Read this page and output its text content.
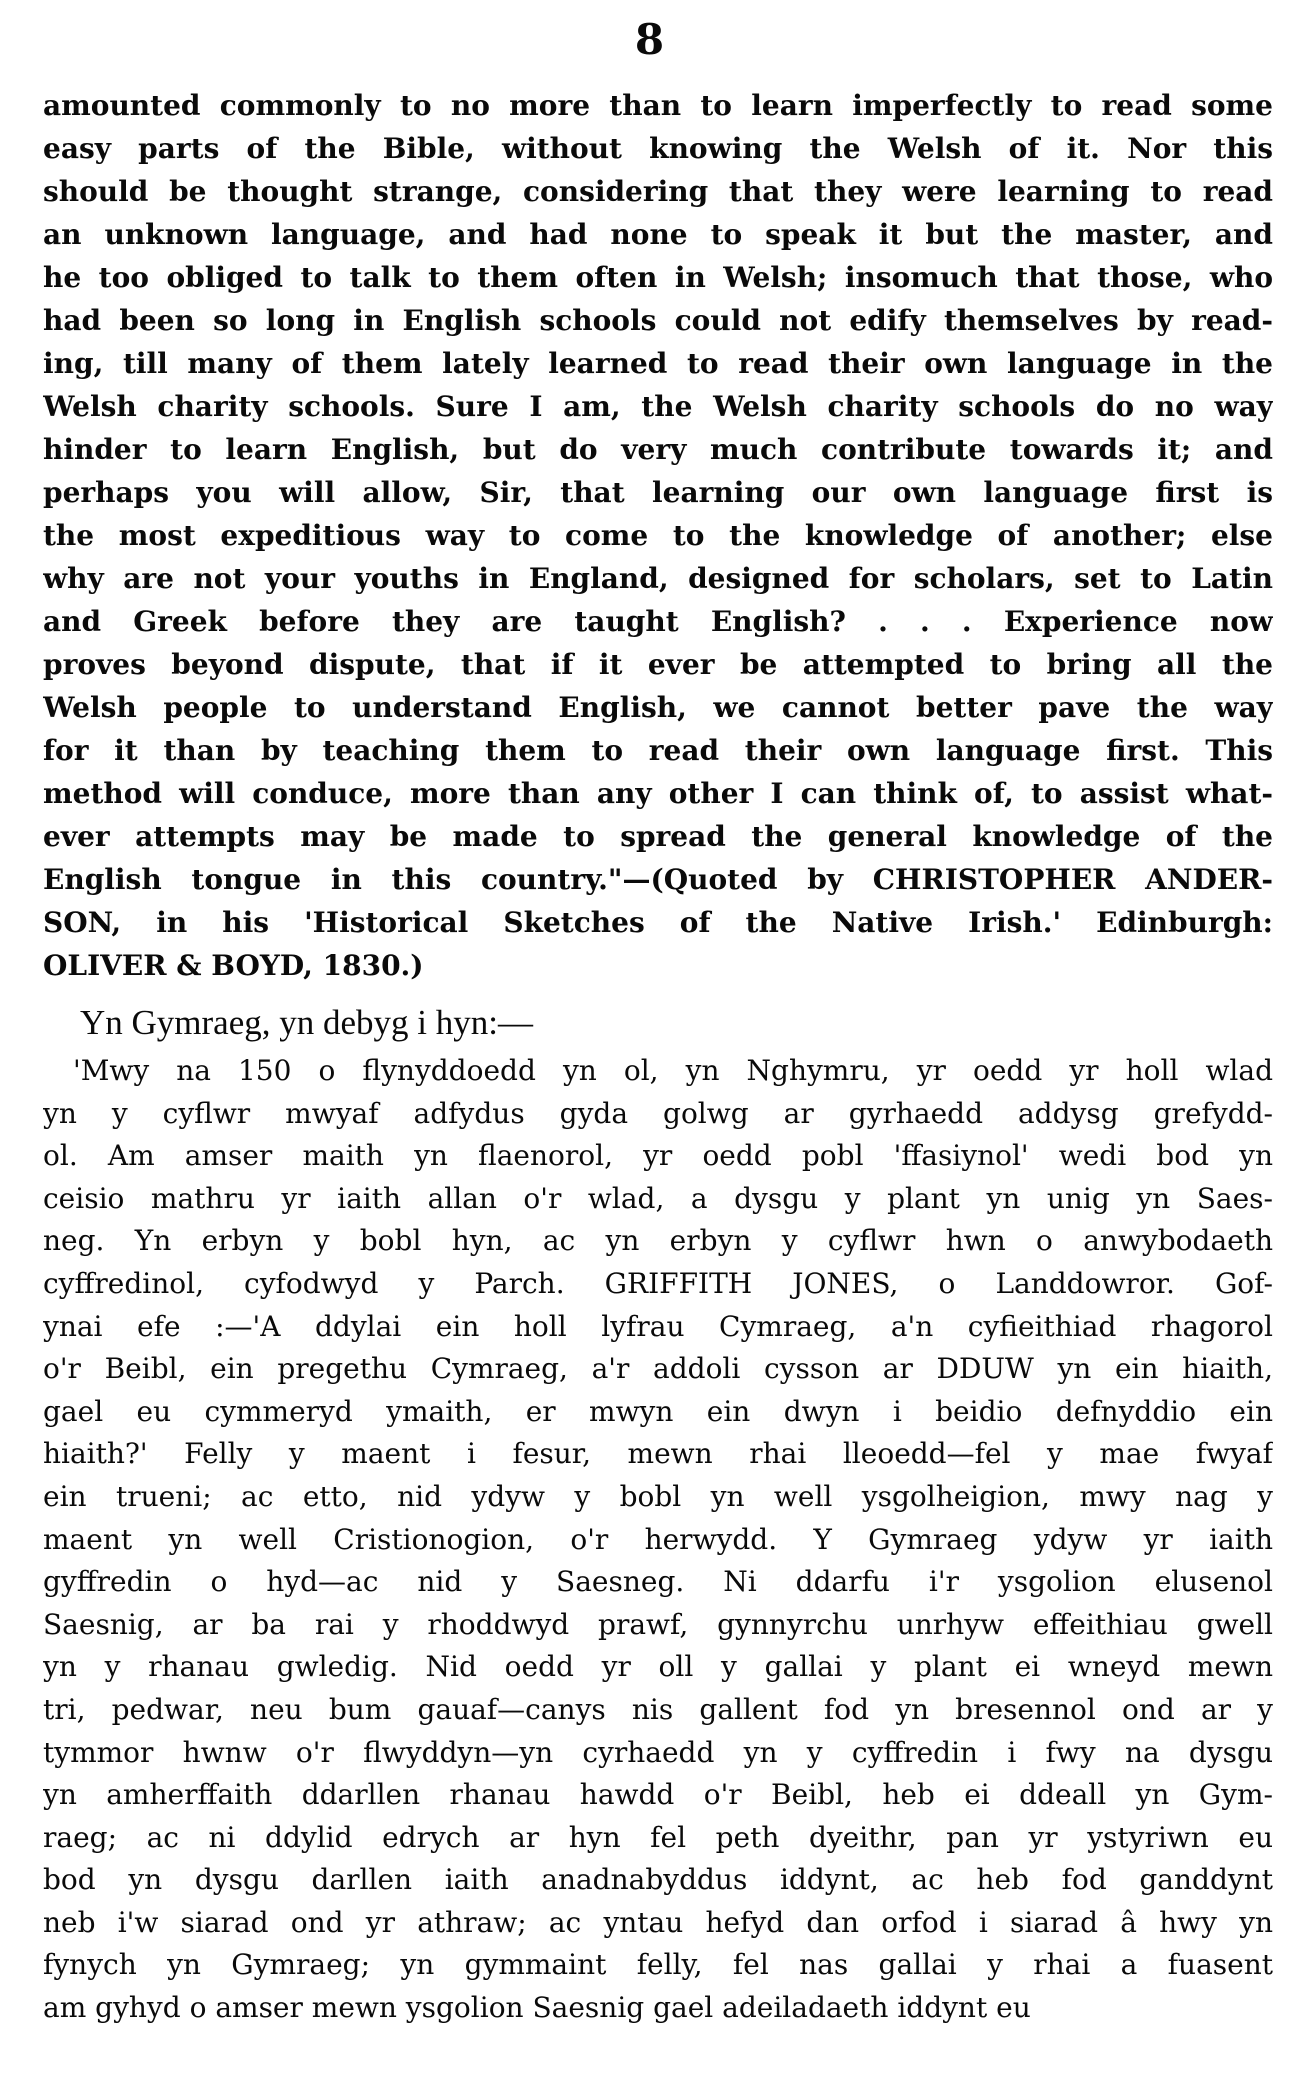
8
amounted commonly to no more than to learn imperfectly to read some
easy parts of the Bible, without knowing the Welsh of it. Nor this
should be thought strange, considering that they were learning to read
an unknown language, and had none to speak it but the master, and
he too obliged to talk to them often in Welsh; insomuch that those, who
had been so long in English schools could not edify themselves by read-
ing, till many of them lately learned to read their own language in the
Welsh charity schools. Sure I am, the Welsh charity schools do no way
hinder to learn English, but do very much contribute towards it; and
perhaps you will allow, Sir, that learning our own language first is
the most expeditious way to come to the knowledge of another; else
why are not your youths in England, designed for scholars, set to Latin
and Greek before they are taught English? . . . Experience now
proves beyond dispute, that if it ever be attempted to bring all the
Welsh people to understand English, we cannot better pave the way
for it than by teaching them to read their own language first. This
method will conduce, more than any other I can think of, to assist what-
ever attempts may be made to spread the general knowledge of the
English tongue in this country."—(Quoted by CHRISTOPHER ANDER-
SON, in his 'Historical Sketches of the Native Irish.' Edinburgh:
OLIVER & BOYD, 1830.)
Yn Gymraeg, yn debyg i hyn:—
'Mwy na 150 o flynyddoedd yn ol, yn Nghymru, yr oedd yr holl wlad
yn y cyflwr mwyaf adfydus gyda golwg ar gyrhaedd addysg grefydd-
ol. Am amser maith yn flaenorol, yr oedd pobl 'ffasiynol' wedi bod yn
ceisio mathru yr iaith allan o'r wlad, a dysgu y plant yn unig yn Saes-
neg. Yn erbyn y bobl hyn, ac yn erbyn y cyflwr hwn o anwybodaeth
cyffredinol, cyfodwyd y Parch. GRIFFITH JONES, o Landdowror. Gof-
ynai efe :—'A ddylai ein holl lyfrau Cymraeg, a'n cyfieithiad rhagorol
o'r Beibl, ein pregethu Cymraeg, a'r addoli cysson ar DDUW yn ein hiaith,
gael eu cymmeryd ymaith, er mwyn ein dwyn i beidio defnyddio ein
hiaith?' Felly y maent i fesur, mewn rhai lleoedd—fel y mae fwyaf
ein trueni; ac etto, nid ydyw y bobl yn well ysgolheigion, mwy nag y
maent yn well Cristionogion, o'r herwydd. Y Gymraeg ydyw yr iaith
gyffredin o hyd—ac nid y Saesneg. Ni ddarfu i'r ysgolion elusenol
Saesnig, ar ba rai y rhoddwyd prawf, gynnyrchu unrhyw effeithiau gwell
yn y rhanau gwledig. Nid oedd yr oll y gallai y plant ei wneyd mewn
tri, pedwar, neu bum gauaf—canys nis gallent fod yn bresennol ond ar y
tymmor hwnw o'r flwyddyn—yn cyrhaedd yn y cyffredin i fwy na dysgu
yn amherffaith ddarllen rhanau hawdd o'r Beibl, heb ei ddeall yn Gym-
raeg; ac ni ddylid edrych ar hyn fel peth dyeithr, pan yr ystyriwn eu
bod yn dysgu darllen iaith anadnabyddus iddynt, ac heb fod ganddynt
neb i'w siarad ond yr athraw; ac yntau hefyd dan orfod i siarad â hwy yn
fynych yn Gymraeg; yn gymmaint felly, fel nas gallai y rhai a fuasent
am gyhyd o amser mewn ysgolion Saesnig gael adeiladaeth iddynt eu
